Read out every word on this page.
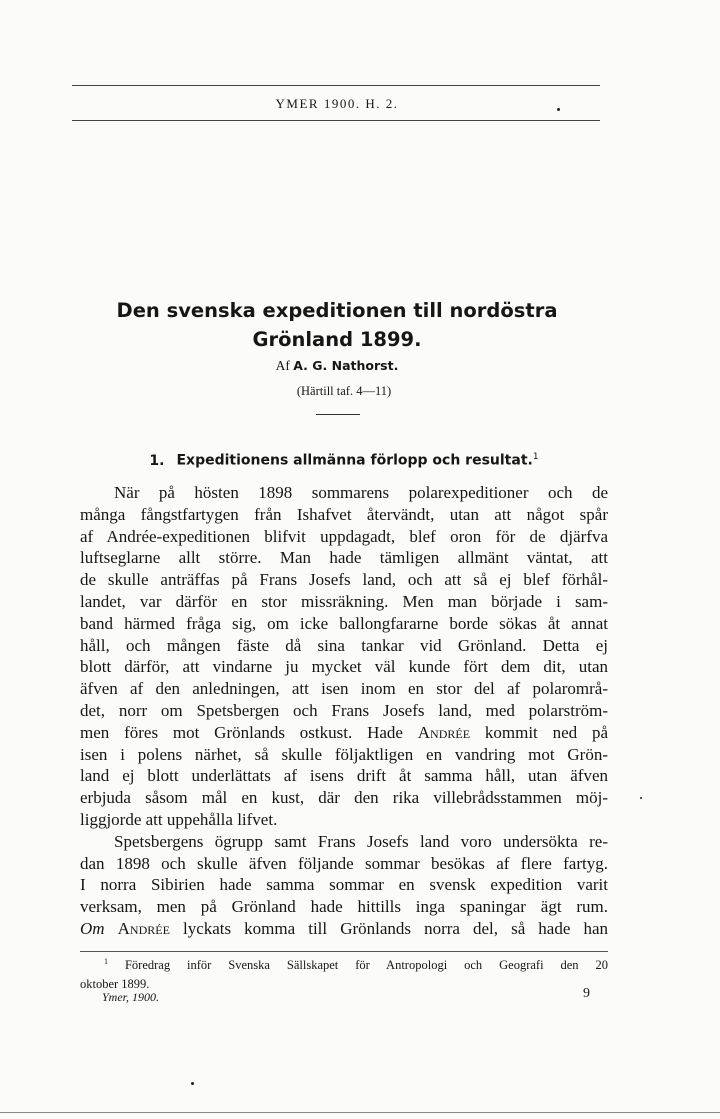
YMER 1900. H. 2.
Den svenska expeditionen till nordöstra
Grönland 1899.
Af A. G. Nathorst.
(Härtill taf. 4—11)
1. Expeditionens allmänna förlopp och resultat.$^1$
När på hösten 1898 sommarens polarexpeditioner och de
många fångstfartygen från Ishafvet återvändt, utan att något spår
af Andrée-expeditionen blifvit uppdagadt, blef oron för de djärfva
luftseglarne allt större. Man hade tämligen allmänt väntat, att
de skulle anträffas på Frans Josefs land, och att så ej blef förhål-
landet, var därför en stor missräkning. Men man började i sam-
band härmed fråga sig, om icke ballongfararne borde sökas åt annat
håll, och mången fäste då sina tankar vid Grönland. Detta ej
blott därför, att vindarne ju mycket väl kunde fört dem dit, utan
äfven af den anledningen, att isen inom en stor del af polarområ-
det, norr om Spetsbergen och Frans Josefs land, med polarström-
men föres mot Grönlands ostkust. Hade Andrée kommit ned på
isen i polens närhet, så skulle följaktligen en vandring mot Grön-
land ej blott underlättats af isens drift åt samma håll, utan äfven
erbjuda såsom mål en kust, där den rika villebrådsstammen möj-
liggjorde att uppehålla lifvet.
Spetsbergens ögrupp samt Frans Josefs land voro undersökta re-
dan 1898 och skulle äfven följande sommar besökas af flere fartyg.
I norra Sibirien hade samma sommar en svensk expedition varit
verksam, men på Grönland hade hittills inga spaningar ägt rum.
Om Andrée lyckats komma till Grönlands norra del, så hade han
$^1$ Föredrag inför Svenska Sällskapet för Antropologi och Geografi den 20
oktober 1899.
Ymer, 1900.	9
